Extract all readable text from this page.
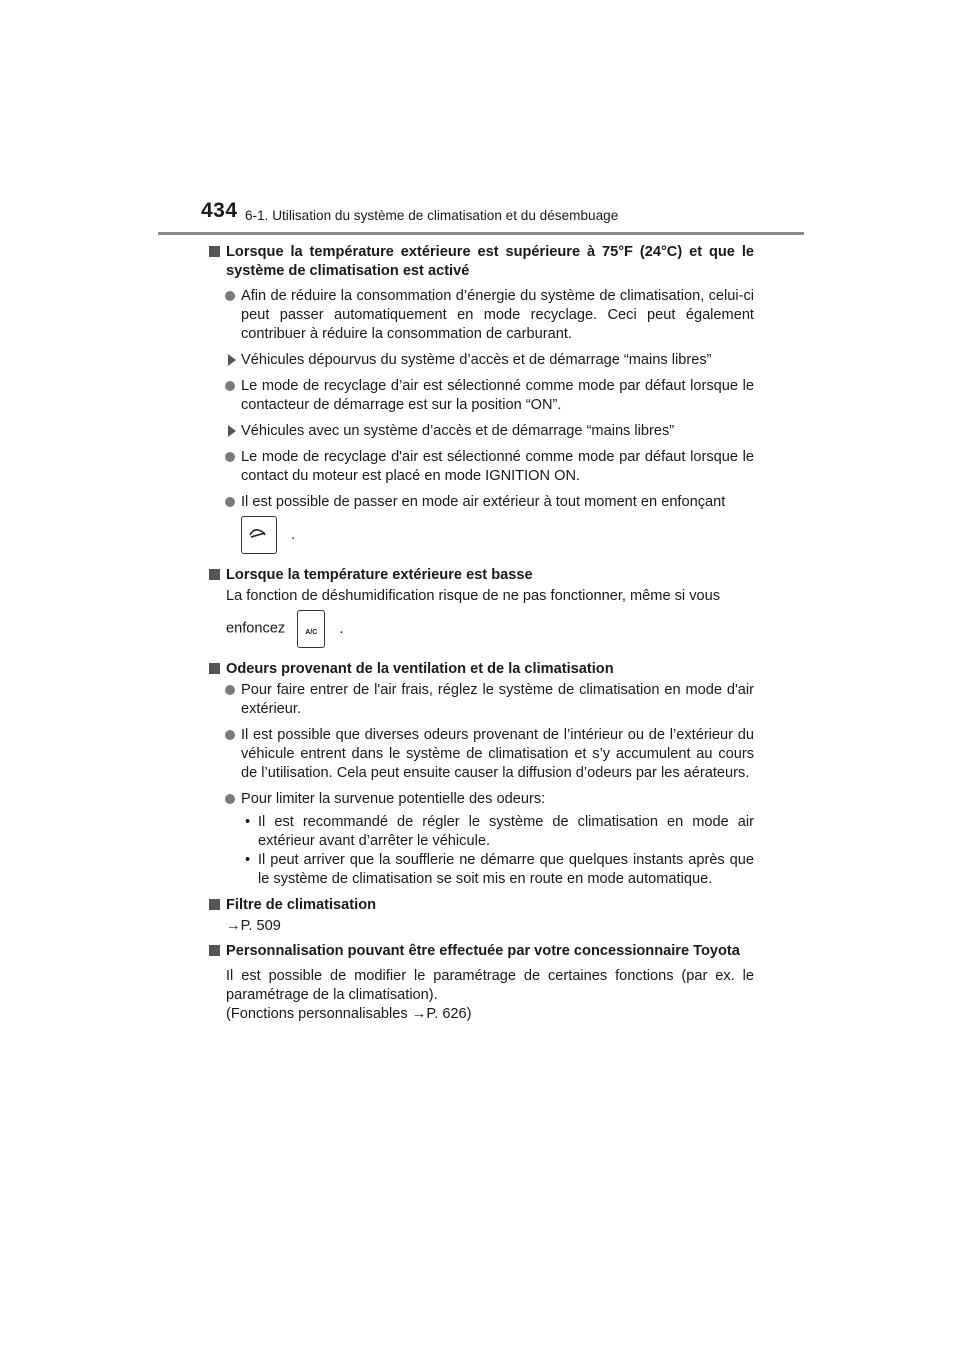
434 6-1. Utilisation du système de climatisation et du désembuage
Lorsque la température extérieure est supérieure à 75°F (24°C) et que le système de climatisation est activé
Afin de réduire la consommation d’énergie du système de climatisation, celui-ci peut passer automatiquement en mode recyclage. Ceci peut également contribuer à réduire la consommation de carburant.
Véhicules dépourvus du système d’accès et de démarrage “mains libres”
Le mode de recyclage d’air est sélectionné comme mode par défaut lorsque le contacteur de démarrage est sur la position “ON”.
Véhicules avec un système d’accès et de démarrage “mains libres”
Le mode de recyclage d'air est sélectionné comme mode par défaut lorsque le contact du moteur est placé en mode IGNITION ON.
Il est possible de passer en mode air extérieur à tout moment en enfonçant
.
Lorsque la température extérieure est basse
La fonction de déshumidification risque de ne pas fonctionner, même si vous
enfoncez	A/C	.
Odeurs provenant de la ventilation et de la climatisation
Pour faire entrer de l'air frais, réglez le système de climatisation en mode d'air extérieur.
Il est possible que diverses odeurs provenant de l’intérieur ou de l’extérieur du véhicule entrent dans le système de climatisation et s’y accumulent au cours de l’utilisation. Cela peut ensuite causer la diffusion d’odeurs par les aérateurs.
Pour limiter la survenue potentielle des odeurs:
• Il est recommandé de régler le système de climatisation en mode air extérieur avant d’arrêter le véhicule.
• Il peut arriver que la soufflerie ne démarre que quelques instants après que le système de climatisation se soit mis en route en mode automatique.
Filtre de climatisation
→P. 509
Personnalisation pouvant être effectuée par votre concessionnaire Toyota
Il est possible de modifier le paramétrage de certaines fonctions (par ex. le paramétrage de la climatisation).
(Fonctions personnalisables →P. 626)
